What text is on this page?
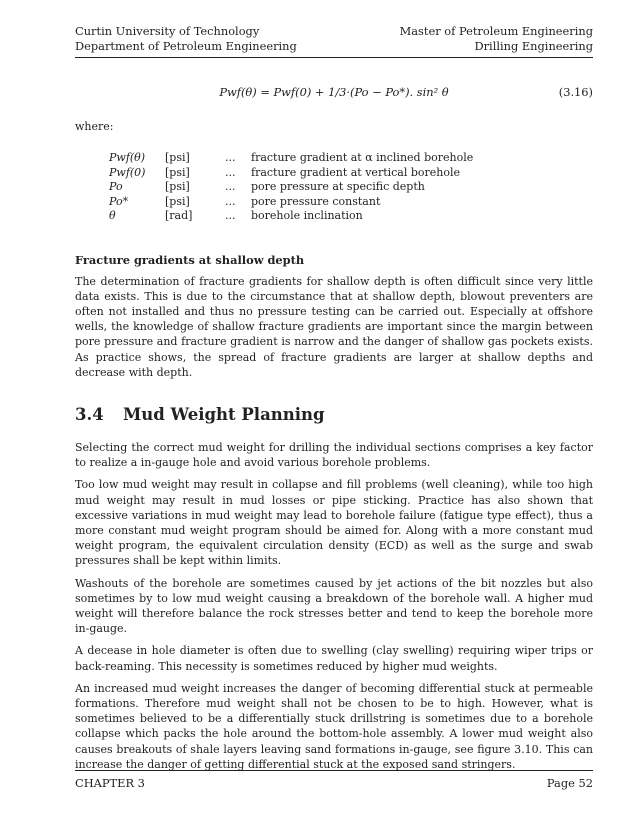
Curtin University of Technology
Department of Petroleum Engineering
Master of Petroleum Engineering
Drilling Engineering
Pwf(θ) = Pwf(0) + 1/3·(Po − Po*). sin² θ	(3.16)
where:
Pwf(θ)	[psi]	...	fracture gradient at α inclined borehole
Pwf(0)	[psi]	...	fracture gradient at vertical borehole
Po	[psi]	...	pore pressure at specific depth
Po*	[psi]	...	pore pressure constant
θ	[rad]	...	borehole inclination
Fracture gradients at shallow depth

The determination of fracture gradients for shallow depth is often difficult since very little data exists. This is due to the circumstance that at shallow depth, blowout preventers are often not installed and thus no pressure testing can be carried out. Especially at offshore wells, the knowledge of shallow fracture gradients are important since the margin between pore pressure and fracture gradient is narrow and the danger of shallow gas pockets exists. As practice shows, the spread of fracture gradients are larger at shallow depths and decrease with depth.

3.4	Mud Weight Planning

Selecting the correct mud weight for drilling the individual sections comprises a key factor to realize a in-gauge hole and avoid various borehole problems.

Too low mud weight may result in collapse and fill problems (well cleaning), while too high mud weight may result in mud losses or pipe sticking. Practice has also shown that excessive variations in mud weight may lead to borehole failure (fatigue type effect), thus a more constant mud weight program should be aimed for. Along with a more constant mud weight program, the equivalent circulation density (ECD) as well as the surge and swab pressures shall be kept within limits.

Washouts of the borehole are sometimes caused by jet actions of the bit nozzles but also sometimes by to low mud weight causing a breakdown of the borehole wall. A higher mud weight will therefore balance the rock stresses better and tend to keep the borehole more in-gauge.

A decease in hole diameter is often due to swelling (clay swelling) requiring wiper trips or back-reaming. This necessity is sometimes reduced by higher mud weights.

An increased mud weight increases the danger of becoming differential stuck at permeable formations. Therefore mud weight shall not be chosen to be to high. However, what is sometimes believed to be a differentially stuck drillstring is sometimes due to a borehole collapse which packs the hole around the bottom-hole assembly. A lower mud weight also causes breakouts of shale layers leaving sand formations in-gauge, see figure 3.10. This can increase the danger of getting differential stuck at the exposed sand stringers.

CHAPTER 3	Page 52
